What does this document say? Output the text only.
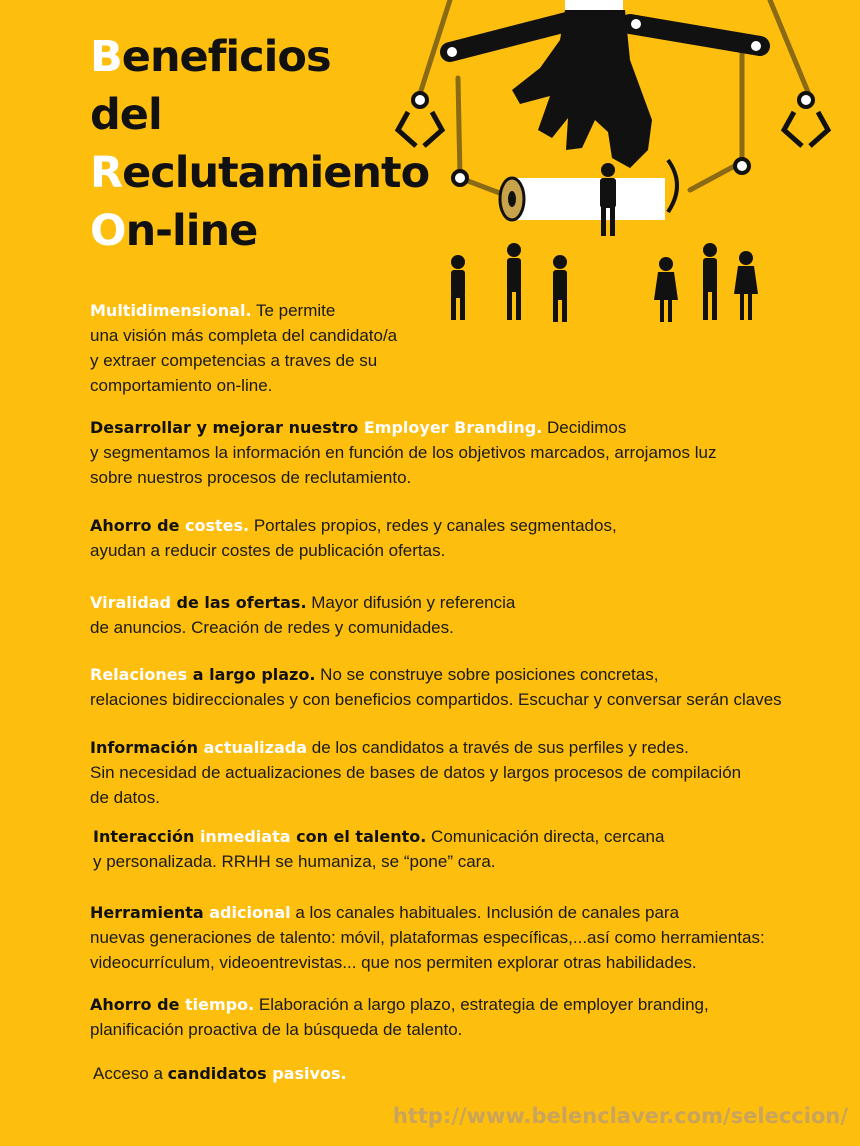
Beneficios
del
Reclutamiento
On-line
Multidimensional. Te permite
una visión más completa del candidato/a
y extraer competencias a traves de su
comportamiento on-line.
Desarrollar y mejorar nuestro Employer Branding. Decidimos
y segmentamos la información en función de los objetivos marcados, arrojamos luz
sobre nuestros procesos de reclutamiento.
Ahorro de costes. Portales propios, redes y canales segmentados,
ayudan a reducir costes de publicación ofertas.
Viralidad de las ofertas. Mayor difusión y referencia
de anuncios. Creación de redes y comunidades.
Relaciones a largo plazo. No se construye sobre posiciones concretas,
relaciones bidireccionales y con beneficios compartidos. Escuchar y conversar serán claves
Información actualizada de los candidatos a través de sus perfiles y redes.
Sin necesidad de actualizaciones de bases de datos y largos procesos de compilación
de datos.
Interacción inmediata con el talento. Comunicación directa, cercana
y personalizada. RRHH se humaniza, se “pone” cara.
Herramienta adicional a los canales habituales. Inclusión de canales para
nuevas generaciones de talento: móvil, plataformas específicas,...así como herramientas:
videocurrículum, videoentrevistas... que nos permiten explorar otras habilidades.
Ahorro de tiempo. Elaboración a largo plazo, estrategia de employer branding,
planificación proactiva de la búsqueda de talento.
Acceso a candidatos pasivos.
http://www.belenclaver.com/seleccion/
